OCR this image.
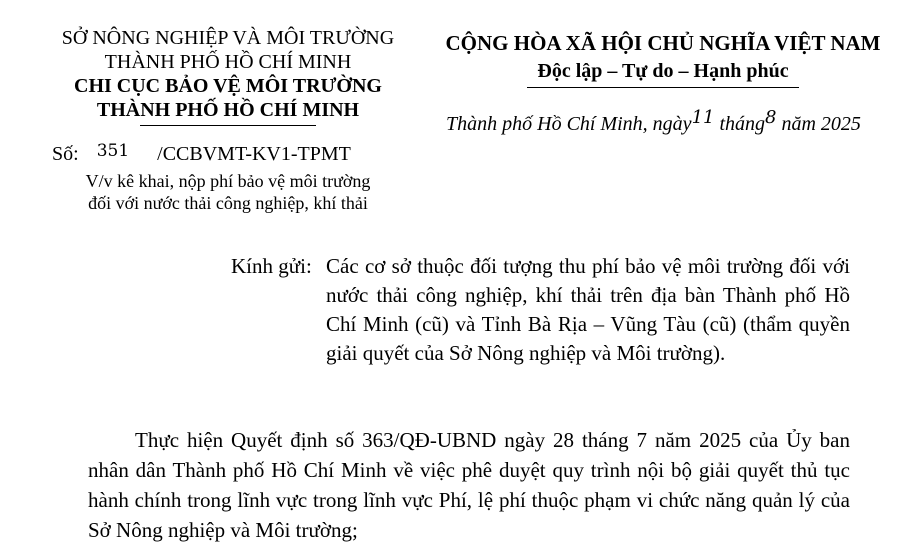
SỞ NÔNG NGHIỆP VÀ MÔI TRƯỜNG
THÀNH PHỐ HỒ CHÍ MINH
CHI CỤC BẢO VỆ MÔI TRƯỜNG
THÀNH PHỐ HỒ CHÍ MINH
CỘNG HÒA XÃ HỘI CHỦ NGHĨA VIỆT NAM
Độc lập – Tự do – Hạnh phúc
Thành phố Hồ Chí Minh, ngày11 tháng8 năm 2025
Số: $^{351}$ /CCBVMT-KV1-TPMT
V/v kê khai, nộp phí bảo vệ môi trường
đối với nước thải công nghiệp, khí thải
Kính gửi: Các cơ sở thuộc đối tượng thu phí bảo vệ môi trường đối với nước thải công nghiệp, khí thải trên địa bàn Thành phố Hồ Chí Minh (cũ) và Tỉnh Bà Rịa – Vũng Tàu (cũ) (thẩm quyền giải quyết của Sở Nông nghiệp và Môi trường).
Thực hiện Quyết định số 363/QĐ-UBND ngày 28 tháng 7 năm 2025 của Ủy ban nhân dân Thành phố Hồ Chí Minh về việc phê duyệt quy trình nội bộ giải quyết thủ tục hành chính trong lĩnh vực trong lĩnh vực Phí, lệ phí thuộc phạm vi chức năng quản lý của Sở Nông nghiệp và Môi trường;
